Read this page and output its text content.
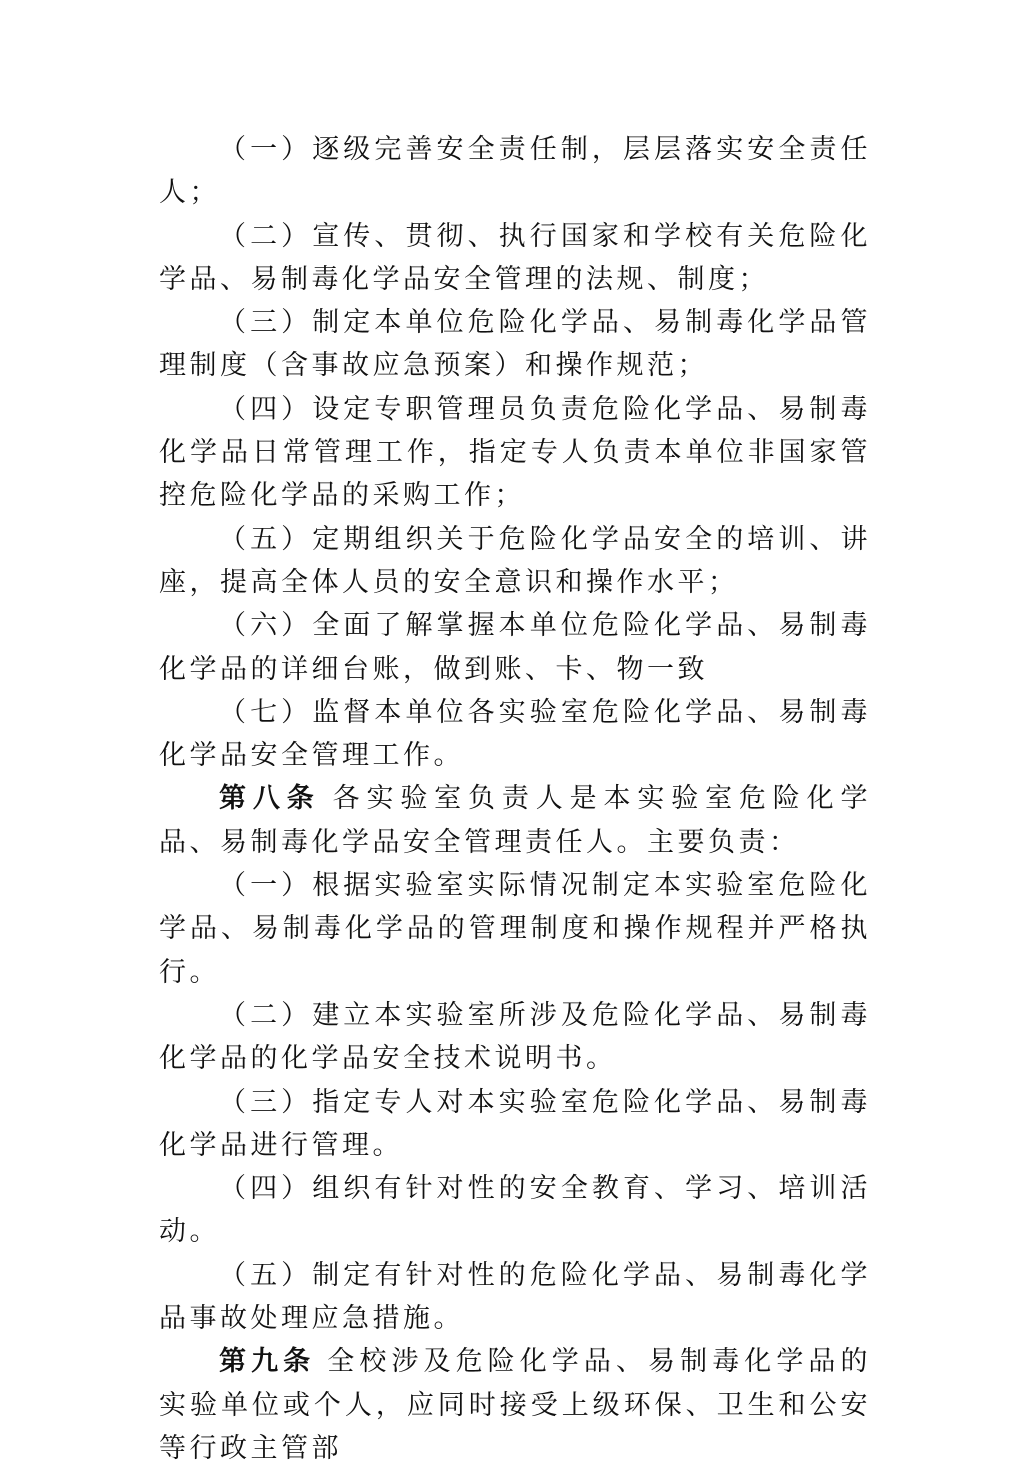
（一）逐级完善安全责任制，层层落实安全责任人；

（二）宣传、贯彻、执行国家和学校有关危险化学品、易制毒化学品安全管理的法规、制度；

（三）制定本单位危险化学品、易制毒化学品管理制度（含事故应急预案）和操作规范；

（四）设定专职管理员负责危险化学品、易制毒化学品日常管理工作，指定专人负责本单位非国家管控危险化学品的采购工作；

（五）定期组织关于危险化学品安全的培训、讲座，提高全体人员的安全意识和操作水平；

（六）全面了解掌握本单位危险化学品、易制毒化学品的详细台账，做到账、卡、物一致

（七）监督本单位各实验室危险化学品、易制毒化学品安全管理工作。

第八条 各实验室负责人是本实验室危险化学品、易制毒化学品安全管理责任人。主要负责：

（一）根据实验室实际情况制定本实验室危险化学品、易制毒化学品的管理制度和操作规程并严格执行。

（二）建立本实验室所涉及危险化学品、易制毒化学品的化学品安全技术说明书。

（三）指定专人对本实验室危险化学品、易制毒化学品进行管理。

（四）组织有针对性的安全教育、学习、培训活动。

（五）制定有针对性的危险化学品、易制毒化学品事故处理应急措施。

第九条 全校涉及危险化学品、易制毒化学品的实验单位或个人，应同时接受上级环保、卫生和公安等行政主管部
